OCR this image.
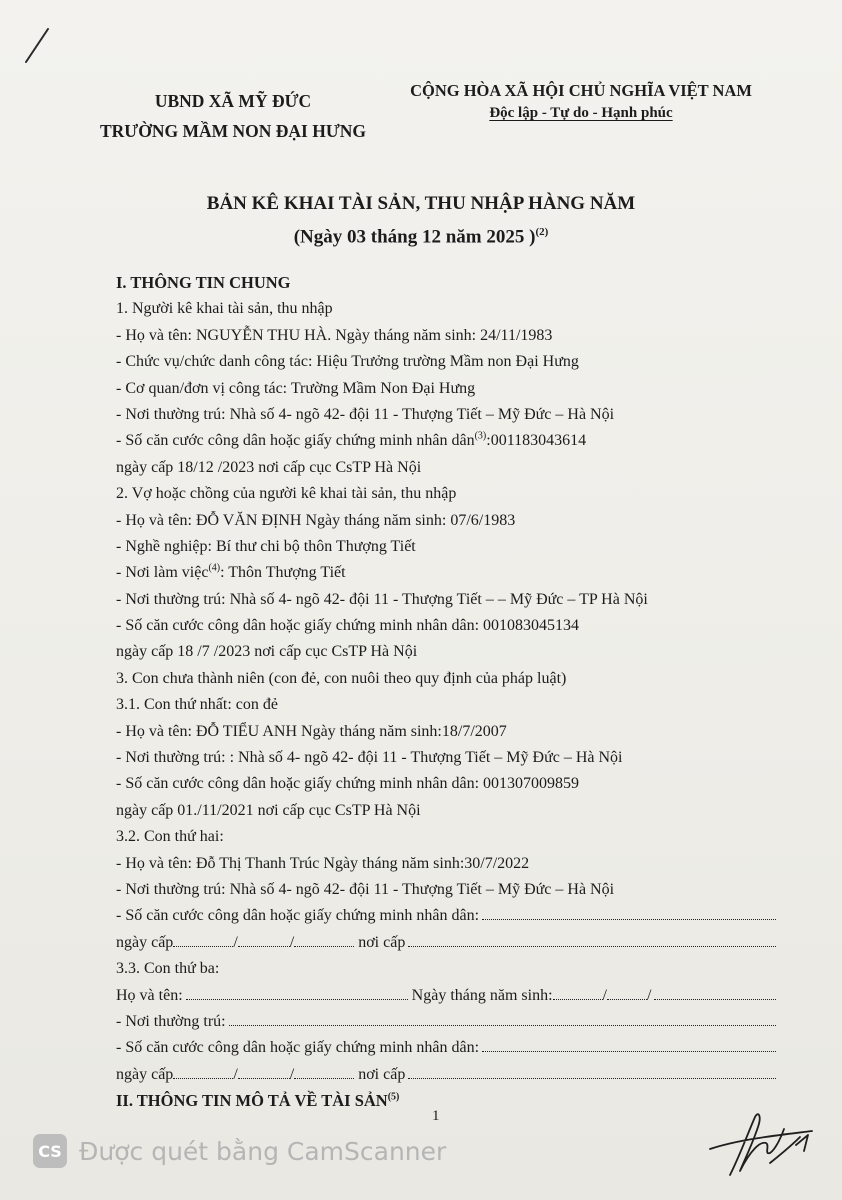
UBND XÃ MỸ ĐỨC
TRƯỜNG MẦM NON ĐẠI HƯNG
CỘNG HÒA XÃ HỘI CHỦ NGHĨA VIỆT NAM
Độc lập - Tự do - Hạnh phúc
BẢN KÊ KHAI TÀI SẢN, THU NHẬP HÀNG NĂM
(Ngày 03 tháng 12 năm 2025 )$^{(2)}$
I. THÔNG TIN CHUNG
1. Người kê khai tài sản, thu nhập
- Họ và tên: NGUYỄN THU HÀ. Ngày tháng năm sinh: 24/11/1983
- Chức vụ/chức danh công tác: Hiệu Trưởng trường Mầm non Đại Hưng
- Cơ quan/đơn vị công tác: Trường Mầm Non Đại Hưng
- Nơi thường trú: Nhà số 4- ngõ 42- đội 11 - Thượng Tiết – Mỹ Đức – Hà Nội
- Số căn cước công dân hoặc giấy chứng minh nhân dân$^{(3)}$:001183043614
ngày cấp 18/12 /2023 nơi cấp cục CsTP Hà Nội
2. Vợ hoặc chồng của người kê khai tài sản, thu nhập
- Họ và tên: ĐỖ VĂN ĐỊNH Ngày tháng năm sinh: 07/6/1983
- Nghề nghiệp: Bí thư chi bộ thôn Thượng Tiết
- Nơi làm việc$^{(4)}$: Thôn Thượng Tiết
- Nơi thường trú: Nhà số 4- ngõ 42- đội 11 - Thượng Tiết – – Mỹ Đức – TP Hà Nội
- Số căn cước công dân hoặc giấy chứng minh nhân dân: 001083045134
ngày cấp 18 /7 /2023 nơi cấp cục CsTP Hà Nội
3. Con chưa thành niên (con đẻ, con nuôi theo quy định của pháp luật)
3.1. Con thứ nhất: con đẻ
- Họ và tên: ĐỖ TIỂU ANH Ngày tháng năm sinh:18/7/2007
- Nơi thường trú: : Nhà số 4- ngõ 42- đội 11 - Thượng Tiết – Mỹ Đức – Hà Nội
- Số căn cước công dân hoặc giấy chứng minh nhân dân: 001307009859
ngày cấp 01./11/2021 nơi cấp cục CsTP Hà Nội
3.2. Con thứ hai:
- Họ và tên: Đỗ Thị Thanh Trúc Ngày tháng năm sinh:30/7/2022
- Nơi thường trú: Nhà số 4- ngõ 42- đội 11 - Thượng Tiết – Mỹ Đức – Hà Nội
- Số căn cước công dân hoặc giấy chứng minh nhân dân:
ngày cấp	/	/
	nơi cấp
3.3. Con thứ ba:
Họ và tên:
	Ngày tháng năm sinh:	/	/
- Nơi thường trú:
- Số căn cước công dân hoặc giấy chứng minh nhân dân:
ngày cấp	/	/
	nơi cấp
II. THÔNG TIN MÔ TẢ VỀ TÀI SẢN$^{(5)}$
1
CS Được quét bằng CamScanner
